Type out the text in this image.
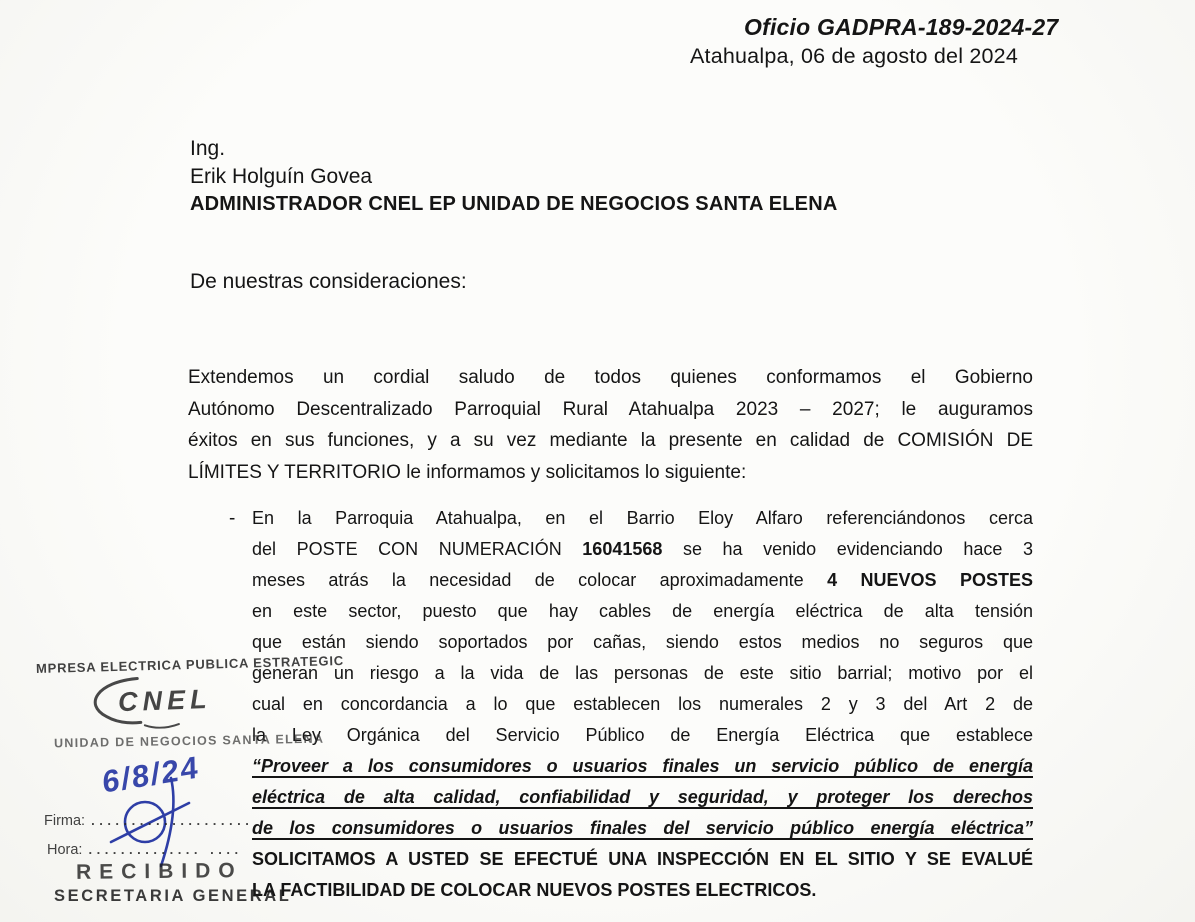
Oficio GADPRA-189-2024-27
Atahualpa, 06 de agosto del 2024
Ing.
Erik Holguín Govea
ADMINISTRADOR CNEL EP UNIDAD DE NEGOCIOS SANTA ELENA
De nuestras consideraciones:
Extendemos un cordial saludo de todos quienes conformamos el Gobierno
Autónomo Descentralizado Parroquial Rural Atahualpa 2023 – 2027; le auguramos
éxitos en sus funciones, y a su vez mediante la presente en calidad de COMISIÓN DE
LÍMITES Y TERRITORIO le informamos y solicitamos lo siguiente:
- En la Parroquia Atahualpa, en el Barrio Eloy Alfaro referenciándonos cerca
del POSTE CON NUMERACIÓN 16041568 se ha venido evidenciando hace 3
meses atrás la necesidad de colocar aproximadamente 4 NUEVOS POSTES
en este sector, puesto que hay cables de energía eléctrica de alta tensión
que están siendo soportados por cañas, siendo estos medios no seguros que
generan un riesgo a la vida de las personas de este sitio barrial; motivo por el
cual en concordancia a lo que establecen los numerales 2 y 3 del Art 2 de
la Ley Orgánica del Servicio Público de Energía Eléctrica que establece
“Proveer a los consumidores o usuarios finales un servicio público de energía
eléctrica de alta calidad, confiabilidad y seguridad, y proteger los derechos
de los consumidores o usuarios finales del servicio público energía eléctrica”
SOLICITAMOS A USTED SE EFECTUÉ UNA INSPECCIÓN EN EL SITIO Y SE EVALUÉ
LA FACTIBILIDAD DE COLOCAR NUEVOS POSTES ELECTRICOS.
MPRESA ELECTRICA PUBLICA ESTRATEGIC
CNEL
UNIDAD DE NEGOCIOS SANTA ELENA
6/8/24
Firma: ....................
Hora: .............. ....
RECIBIDO
SECRETARIA GENERAL
